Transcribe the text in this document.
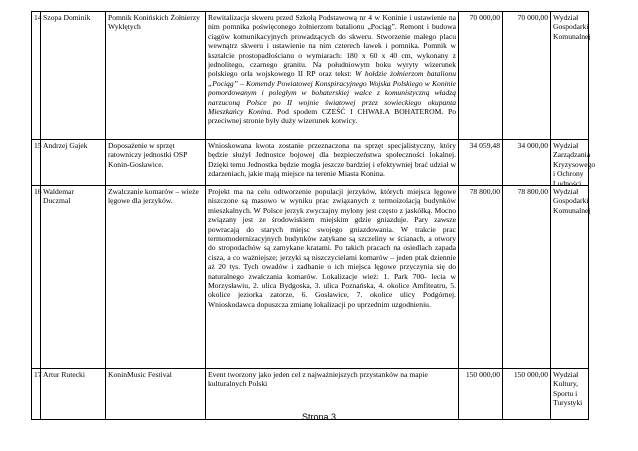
14	Szopa Dominik	Pomnik Konińskich Żołnierzy Wyklętych	Rewitalizacja skweru przed Szkołą Podstawową nr 4 w Koninie i ustawienie na nim pomnika poświęconego żołnierzom batalionu „Pociąg”. Remont i budowa ciągów komunikacyjnych prowadzących do skweru. Stworzenie małego placu wewnątrz skweru i ustawienie na nim czterech ławek i pomnika. Pomnik w kształcie prostopadłościanu o wymiarach: 180 x 60 x 40 cm, wykonany z jednolitego, czarnego granitu. Na południowym boku wyryty wizerunek polskiego orła wojskowego II RP oraz tekst: W hołdzie żołnierzom batalionu „Pociąg” – Komendy Powiatowej Konspiracyjnego Wojska Polskiego w Koninie pomordowanym i poległym w bohaterskiej walce z komunistyczną władzą narzuconą Polsce po II wojnie światowej przez sowieckiego okupanta Mieszkańcy Konina. Pod spodem CZEŚĆ I CHWAŁA BOHATEROM. Po przeciwnej stronie były duży wizerunek kotwicy.	70 000,00	70 000,00	Wydział Gospodarki Komunalnej
15	Andrzej Gajek	Doposażenie w sprzęt ratowniczy jednostki OSP Konin-Gosławice.	Wnioskowana kwota zostanie przeznaczona na sprzęt specjalistyczny, który będzie służył Jednostce bojowej dla bezpieczeństwa społeczności lokalnej. Dzięki temu Jednostka będzie mogła jeszcze bardziej i efektywniej brać udział w zdarzeniach, jakie mają miejsce na terenie Miasta Konina.	34 059,48	34 000,00	Wydział Zarządzania Kryzysowego i Ochrony Ludności

16	Waldemar Duczmal	Zwalczanie komarów – wieże lęgowe dla jerzyków.	Projekt ma na celu odtworzenie populacji jerzyków, których miejsca lęgowe niszczone są masowo w wyniku prac związanych z termoizolacją budynków mieszkalnych. W Polsce jerzyk zwyczajny mylony jest często z jaskółką. Mocno związany jest ze środowiskiem miejskim gdzie gniazduje. Pary zawsze powracają do starych miejsc swojego gniazdowania. W trakcie prac termomodernizacyjnych budynków zatykane są szczeliny w ścianach, a otwory do stropodachów są zamykane kratami. Po takich pracach na osiedlach zapada cisza, a co ważniejsze; jerzyki są niszczycielami komarów – jeden ptak dziennie aż 20 tys. Tych owadów i zadbanie o ich miejsca lęgowe przyczynia się do naturalnego zwalczania komarów. Lokalizacje wież: 1. Park 700- lecia w Morzysławiu, 2. ulica Bydgoska, 3. ulica Poznańska, 4. okolice Amfiteatru, 5. okolice jeziorka zatorze, 6. Gosławice, 7. okolice ulicy Podgórnej. Wnioskodawca dopuszcza zmianę lokalizacji po uprzednim uzgodnieniu.	78 800,00	78 800,00	Wydział Gospodarki Komunalnej
17	Artur Rutecki	KoninMusic Festival	Event tworzony jako jeden cel z najważniejszych przystanków na mapie kulturalnych Polski	150 000,00	150 000,00	Wydział Kultury, Sportu i Turystyki
Strona 3
